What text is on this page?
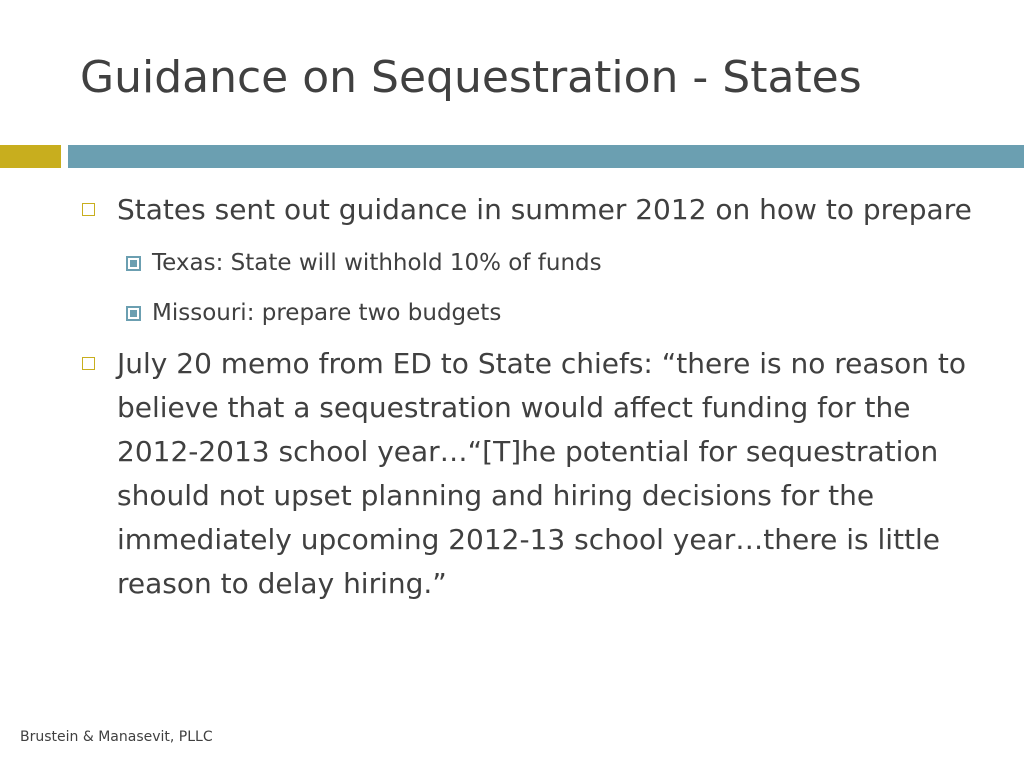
Guidance on Sequestration - States
States sent out guidance in summer 2012 on how to prepare
Texas: State will withhold 10% of funds
Missouri: prepare two budgets
July 20 memo from ED to State chiefs: “there is no reason to believe that a sequestration would affect funding for the 2012-2013 school year…“[T]he potential for sequestration should not upset planning and hiring decisions for the immediately upcoming 2012-13 school year…there is little reason to delay hiring.”
Brustein & Manasevit, PLLC
